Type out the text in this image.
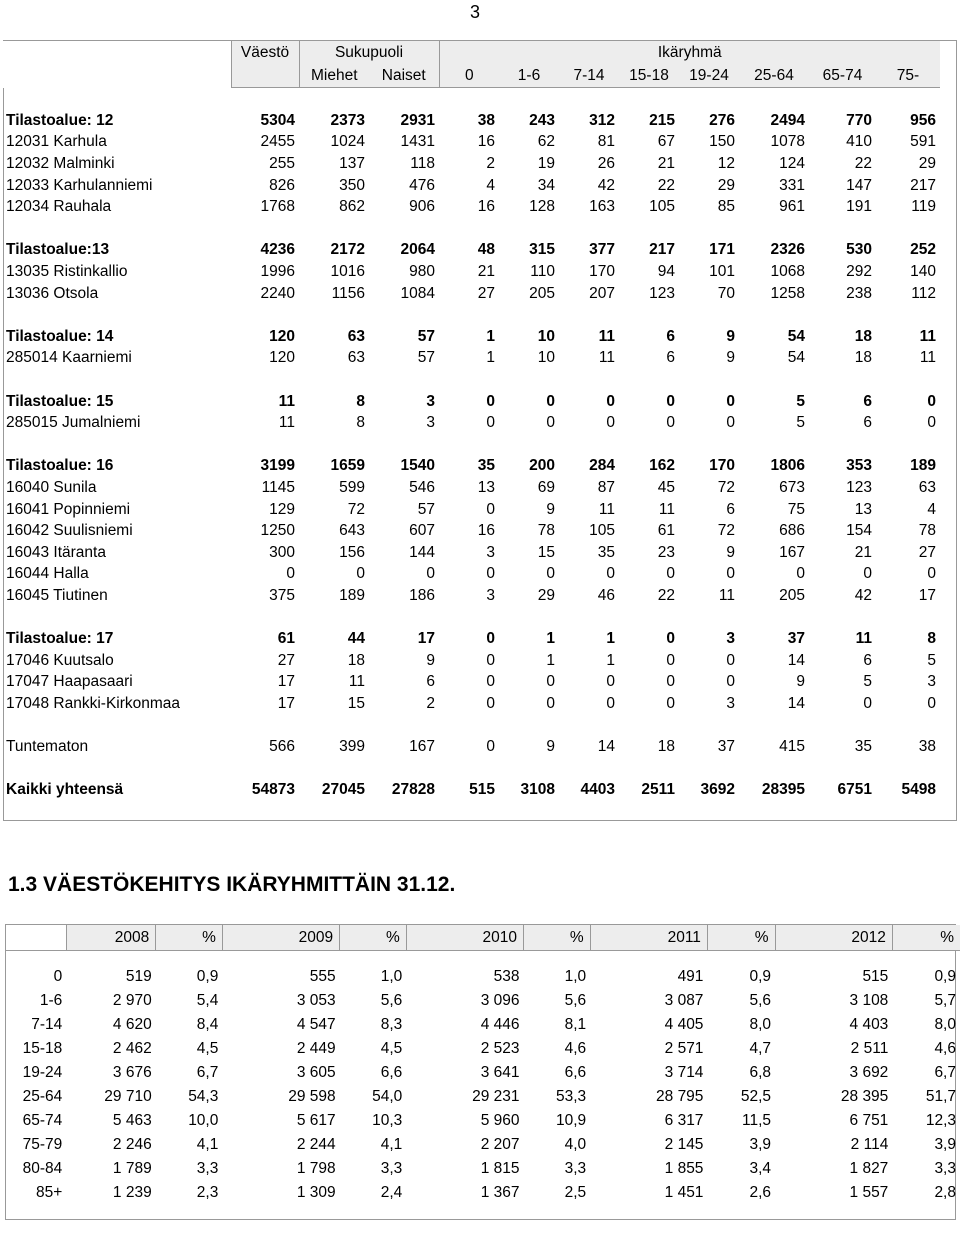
3
	Väestö	Sukupuoli		Ikäryhmä							
		Miehet	Naiset	0	1-6	7-14	15-18	19-24	25-64	65-74	75-

Tilastoalue: 12	5304	2373	2931	38	243	312	215	276	2494	770	956
12031 Karhula	2455	1024	1431	16	62	81	67	150	1078	410	591
12032 Malminki	255	137	118	2	19	26	21	12	124	22	29
12033 Karhulanniemi	826	350	476	4	34	42	22	29	331	147	217
12034 Rauhala	1768	862	906	16	128	163	105	85	961	191	119

Tilastoalue:13	4236	2172	2064	48	315	377	217	171	2326	530	252
13035 Ristinkallio	1996	1016	980	21	110	170	94	101	1068	292	140
13036 Otsola	2240	1156	1084	27	205	207	123	70	1258	238	112

Tilastoalue: 14	120	63	57	1	10	11	6	9	54	18	11
285014 Kaarniemi	120	63	57	1	10	11	6	9	54	18	11

Tilastoalue: 15	11	8	3	0	0	0	0	0	5	6	0
285015 Jumalniemi	11	8	3	0	0	0	0	0	5	6	0

Tilastoalue: 16	3199	1659	1540	35	200	284	162	170	1806	353	189
16040 Sunila	1145	599	546	13	69	87	45	72	673	123	63
16041 Popinniemi	129	72	57	0	9	11	11	6	75	13	4
16042 Suulisniemi	1250	643	607	16	78	105	61	72	686	154	78
16043 Itäranta	300	156	144	3	15	35	23	9	167	21	27
16044 Halla	0	0	0	0	0	0	0	0	0	0	0
16045 Tiutinen	375	189	186	3	29	46	22	11	205	42	17

Tilastoalue: 17	61	44	17	0	1	1	0	3	37	11	8
17046 Kuutsalo	27	18	9	0	1	1	0	0	14	6	5
17047 Haapasaari	17	11	6	0	0	0	0	0	9	5	3
17048 Rankki-Kirkonmaa	17	15	2	0	0	0	0	3	14	0	0

Tuntematon	566	399	167	0	9	14	18	37	415	35	38

Kaikki yhteensä	54873	27045	27828	515	3108	4403	2511	3692	28395	6751	5498

1.3 VÄESTÖKEHITYS IKÄRYHMITTÄIN 31.12.
	2008	%	2009	%	2010	%	2011	%	2012	%

0	519	0,9	555	1,0	538	1,0	491	0,9	515	0,9
1-6	2 970	5,4	3 053	5,6	3 096	5,6	3 087	5,6	3 108	5,7
7-14	4 620	8,4	4 547	8,3	4 446	8,1	4 405	8,0	4 403	8,0
15-18	2 462	4,5	2 449	4,5	2 523	4,6	2 571	4,7	2 511	4,6
19-24	3 676	6,7	3 605	6,6	3 641	6,6	3 714	6,8	3 692	6,7
25-64	29 710	54,3	29 598	54,0	29 231	53,3	28 795	52,5	28 395	51,7
65-74	5 463	10,0	5 617	10,3	5 960	10,9	6 317	11,5	6 751	12,3
75-79	2 246	4,1	2 244	4,1	2 207	4,0	2 145	3,9	2 114	3,9
80-84	1 789	3,3	1 798	3,3	1 815	3,3	1 855	3,4	1 827	3,3
85+	1 239	2,3	1 309	2,4	1 367	2,5	1 451	2,6	1 557	2,8
